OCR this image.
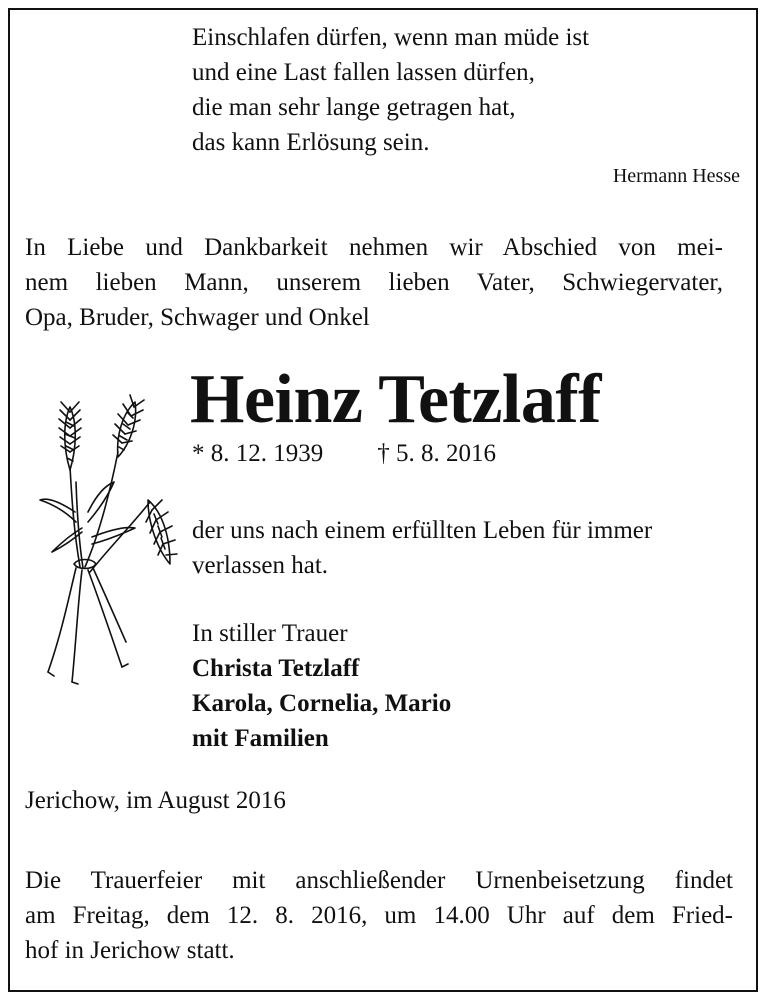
Einschlafen dürfen, wenn man müde ist
und eine Last fallen lassen dürfen,
die man sehr lange getragen hat,
das kann Erlösung sein.
Hermann Hesse
In Liebe und Dankbarkeit nehmen wir Abschied von mei-
nem lieben Mann, unserem lieben Vater, Schwiegervater,
Opa, Bruder, Schwager und Onkel
Heinz Tetzlaff
* 8. 12. 1939 † 5. 8. 2016
der uns nach einem erfüllten Leben für immer
verlassen hat.
In stiller Trauer
Christa Tetzlaff
Karola, Cornelia, Mario
mit Familien
Jerichow, im August 2016
Die Trauerfeier mit anschließender Urnenbeisetzung findet
am Freitag, dem 12. 8. 2016, um 14.00 Uhr auf dem Fried-
hof in Jerichow statt.
